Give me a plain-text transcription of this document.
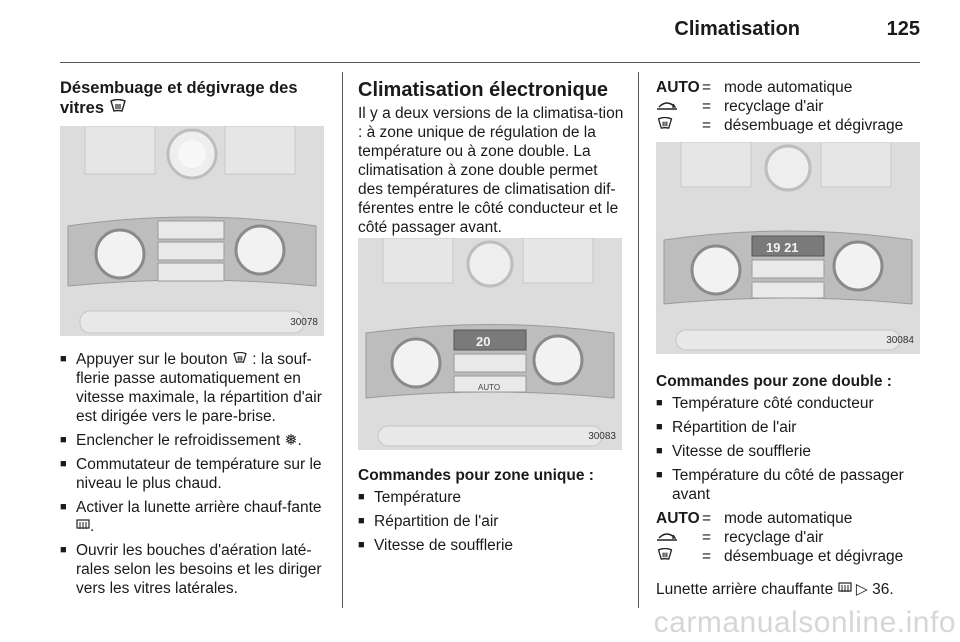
Climatisation	125
Désembuage et dégivrage des vitres
30078
■ Appuyer sur le bouton : la souf-flerie passe automatiquement en vitesse maximale, la répartition d'air est dirigée vers le pare-brise.
■ Enclencher le refroidissement ❅.
■ Commutateur de température sur le niveau le plus chaud.
■ Activer la lunette arrière chauf-fante .
■ Ouvrir les bouches d'aération laté-rales selon les besoins et les diriger vers les vitres latérales.
Climatisation électronique

Il y a deux versions de la climatisa-tion : à zone unique de régulation de la température ou à zone double. La climatisation à zone double permet des températures de climatisation dif-férentes entre le côté conducteur et le côté passager avant.

20
AUTO
30083

Commandes pour zone unique :

■ Température
■ Répartition de l'air
■ Vitesse de soufflerie
AUTO	=	mode automatique
	=	recyclage d'air
	=	désembuage et dégivrage
19 21
30084

Commandes pour zone double :

■ Température côté conducteur
■ Répartition de l'air
■ Vitesse de soufflerie
■ Température du côté de passager avant
AUTO	=	mode automatique
	=	recyclage d'air
	=	désembuage et dégivrage

Lunette arrière chauffante ▷ 36.

carmanualsonline.info
